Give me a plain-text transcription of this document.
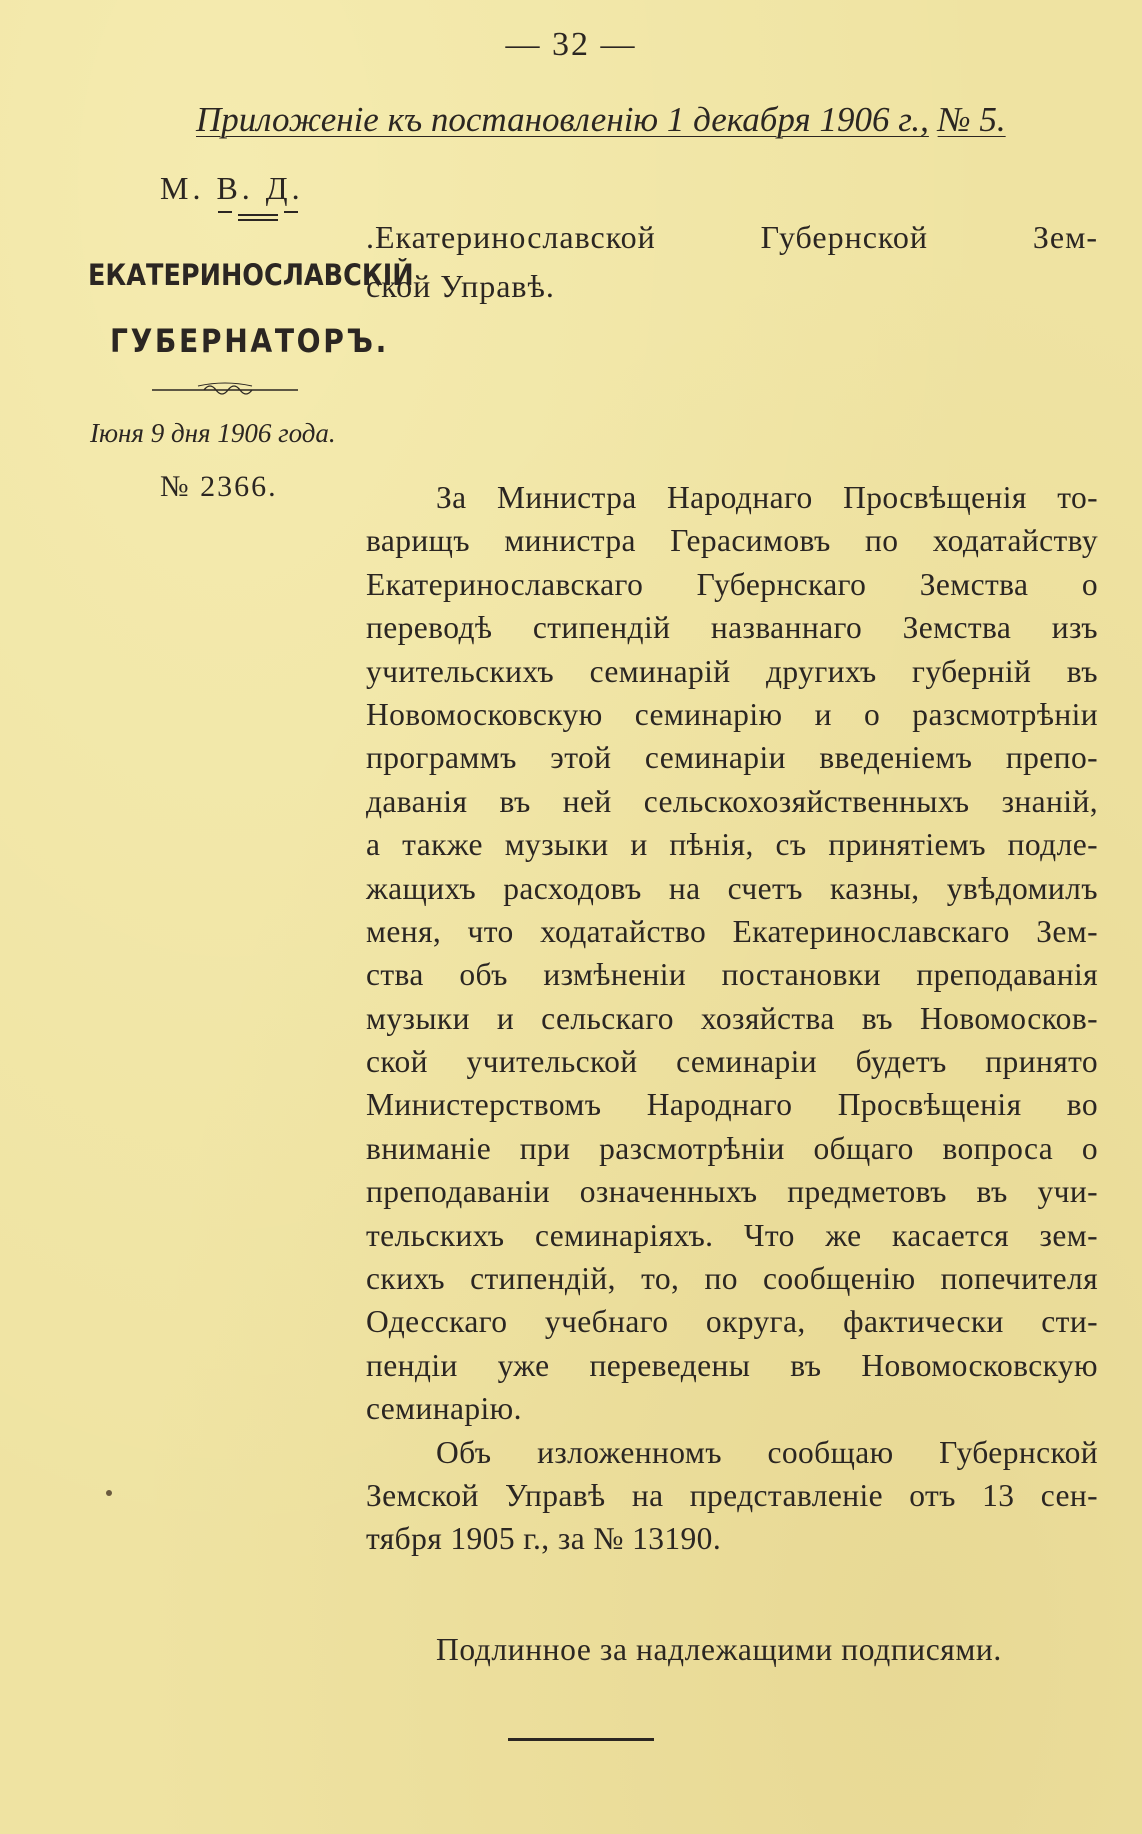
— 32 —
Приложеніе къ постановленію 1 декабря 1906 г., № 5.
М. В. Д.
ЕКАТЕРИНОСЛАВСКІЙ
ГУБЕРНАТОРЪ.
Іюня 9 дня 1906 года.
№ 2366.
.Екатеринославской Губернской Зем-
ской Управѣ.
За Министра Народнаго Просвѣщенія то-
варищъ министра Герасимовъ по ходатайству
Екатеринославскаго Губернскаго Земства о
переводѣ стипендій названнаго Земства изъ
учительскихъ семинарій другихъ губерній въ
Новомосковскую семинарію и о разсмотрѣніи
программъ этой семинаріи введеніемъ препо-
даванія въ ней сельскохозяйственныхъ знаній,
а также музыки и пѣнія, съ принятіемъ подле-
жащихъ расходовъ на счетъ казны, увѣдомилъ
меня, что ходатайство Екатеринославскаго Зем-
ства объ измѣненіи постановки преподаванія
музыки и сельскаго хозяйства въ Новомосков-
ской учительской семинаріи будетъ принято
Министерствомъ Народнаго Просвѣщенія во
вниманіе при разсмотрѣніи общаго вопроса о
преподаваніи означенныхъ предметовъ въ учи-
тельскихъ семинаріяхъ. Что же касается зем-
скихъ стипендій, то, по сообщенію попечителя
Одесскаго учебнаго округа, фактически сти-
пендіи уже переведены въ Новомосковскую
семинарію.
Объ изложенномъ сообщаю Губернской
Земской Управѣ на представленіе отъ 13 сен-
тября 1905 г., за № 13190.
Подлинное за надлежащими подписями.
